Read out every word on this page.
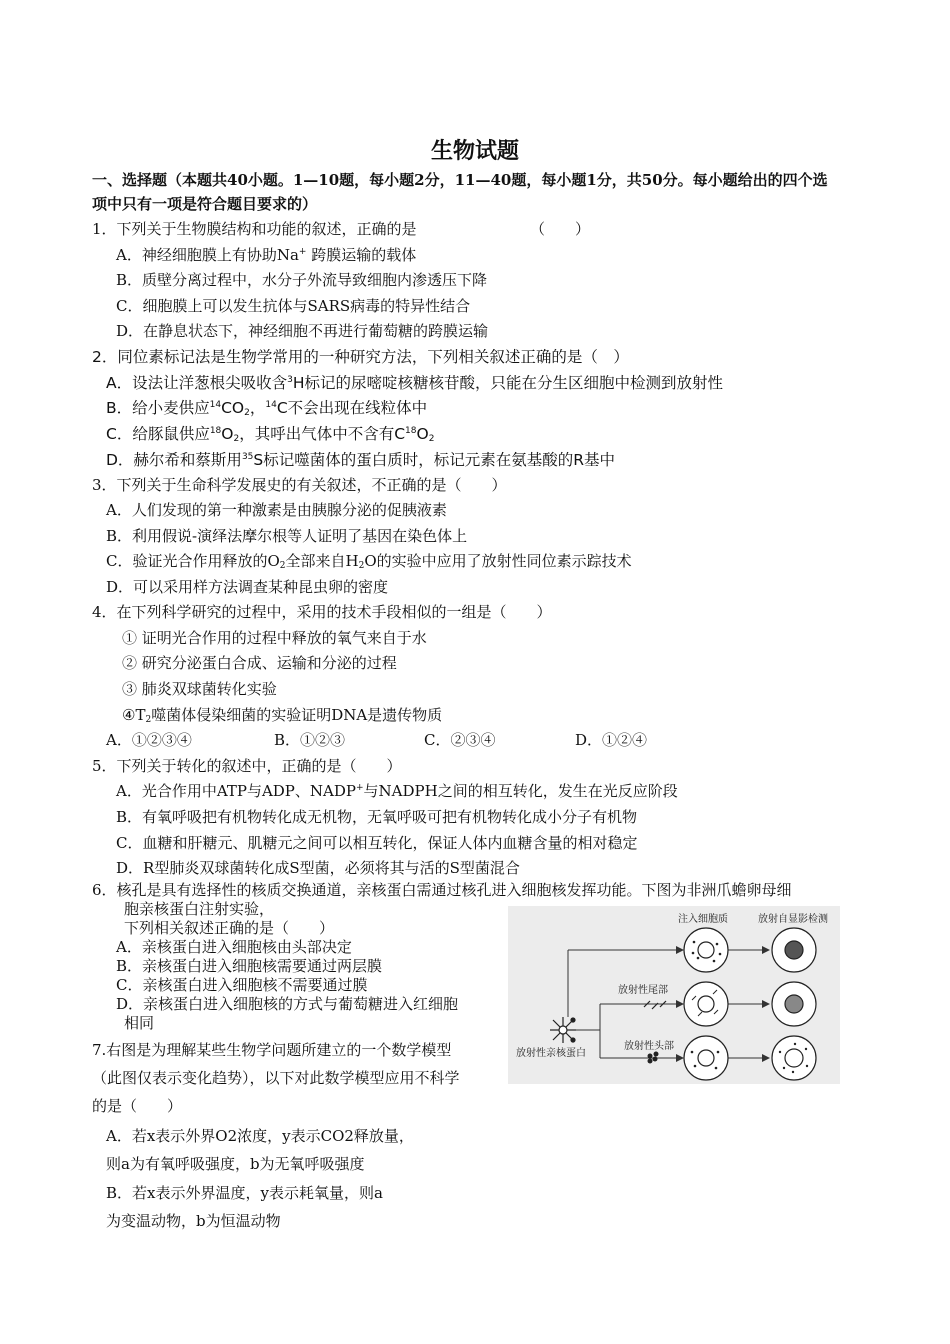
生物试题
一、选择题（本题共40小题。1—10题，每小题2分，11—40题，每小题1分，共50分。每小题给出的四个选
项中只有一项是符合题目要求的）
1．下列关于生物膜结构和功能的叙述，正确的是	（　　）
A．神经细胞膜上有协助Na+ 跨膜运输的载体
B．质壁分离过程中，水分子外流导致细胞内渗透压下降
C．细胞膜上可以发生抗体与SARS病毒的特异性结合
D．在静息状态下，神经细胞不再进行葡萄糖的跨膜运输
2．同位素标记法是生物学常用的一种研究方法，下列相关叙述正确的是（　）
A．设法让洋葱根尖吸收含$^3$H标记的尿嘧啶核糖核苷酸，只能在分生区细胞中检测到放射性
B．给小麦供应$^{14}CO_2$，$^{14}$C不会出现在线粒体中
C．给豚鼠供应$^{18}O_2$，其呼出气体中不含有$C^{18}O_2$
D．赫尔希和蔡斯用$^{35}$S标记噬菌体的蛋白质时，标记元素在氨基酸的R基中
3．下列关于生命科学发展史的有关叙述，不正确的是（　　）
A．人们发现的第一种激素是由胰腺分泌的促胰液素
B．利用假说-演绎法摩尔根等人证明了基因在染色体上
C．验证光合作用释放的$O_2$全部来自$H_2O$的实验中应用了放射性同位素示踪技术
D．可以采用样方法调查某种昆虫卵的密度
4．在下列科学研究的过程中，采用的技术手段相似的一组是（　　）
① 证明光合作用的过程中释放的氧气来自于水
② 研究分泌蛋白合成、运输和分泌的过程
③ 肺炎双球菌转化实验
$④T_2$噬菌体侵染细菌的实验证明DNA是遗传物质
A．①②③④	B．①②③	C．②③④	D．①②④
5．下列关于转化的叙述中，正确的是（　　）
A．光合作用中ATP与ADP、NADP+与NADPH之间的相互转化，发生在光反应阶段
B．有氧呼吸把有机物转化成无机物，无氧呼吸可把有机物转化成小分子有机物
C．血糖和肝糖元、肌糖元之间可以相互转化，保证人体内血糖含量的相对稳定
D．R型肺炎双球菌转化成S型菌，必须将其与活的S型菌混合
6．核孔是具有选择性的核质交换通道，亲核蛋白需通过核孔进入细胞核发挥功能。下图为非洲爪蟾卵母细
胞亲核蛋白注射实验，
下列相关叙述正确的是（　　）
A．亲核蛋白进入细胞核由头部决定
B．亲核蛋白进入细胞核需要通过两层膜
C．亲核蛋白进入细胞核不需要通过膜
D．亲核蛋白进入细胞核的方式与葡萄糖进入红细胞
相同
注入细胞质	放射自显影检测
放射性尾部
放射性头部
放射性亲核蛋白
7.右图是为理解某些生物学问题所建立的一个数学模型
（此图仅表示变化趋势），以下对此数学模型应用不科学
的是（　　）
A．若x表示外界O2浓度，y表示CO2释放量，
则a为有氧呼吸强度，b为无氧呼吸强度
B．若x表示外界温度，y表示耗氧量，则a
为变温动物，b为恒温动物
